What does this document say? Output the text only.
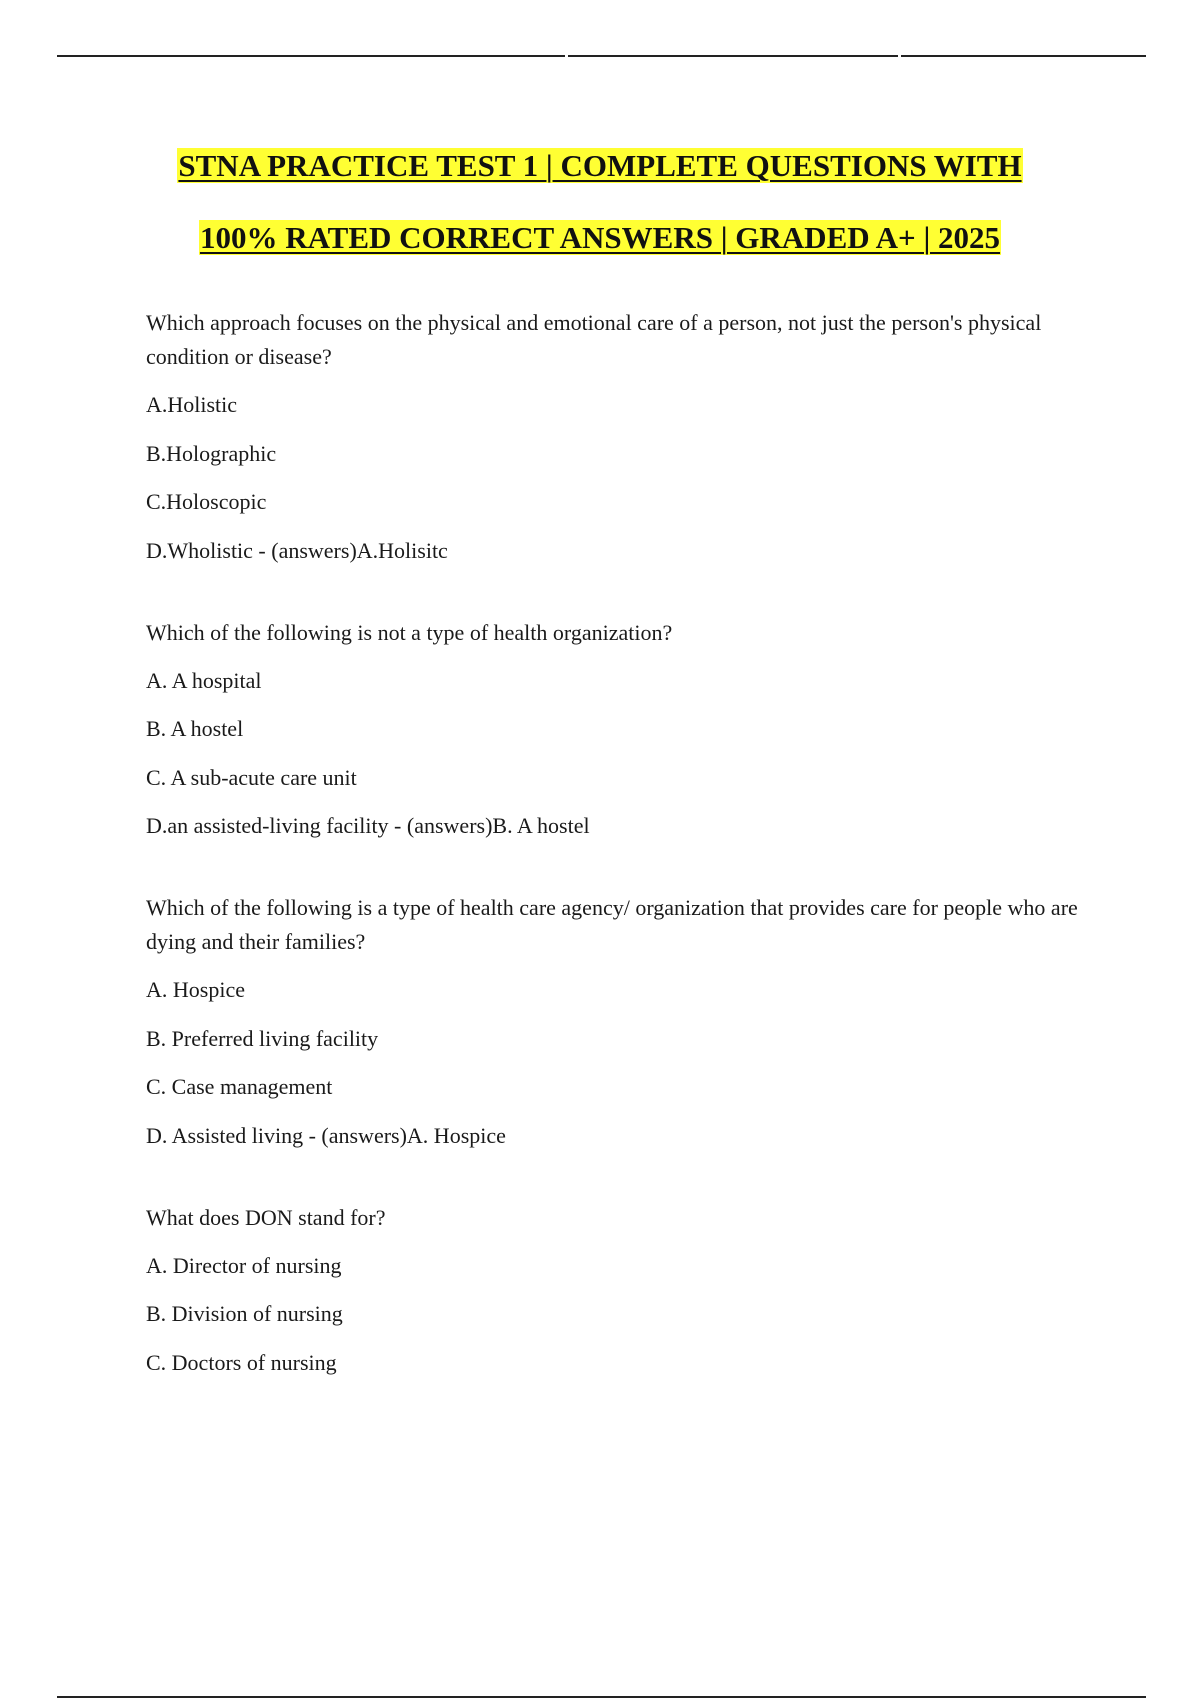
STNA PRACTICE TEST 1 | COMPLETE QUESTIONS WITH

100% RATED CORRECT ANSWERS | GRADED A+ | 2025

Which approach focuses on the physical and emotional care of a person, not just the person's physical condition or disease?

A.Holistic

B.Holographic

C.Holoscopic

D.Wholistic - (answers)A.Holisitc

Which of the following is not a type of health organization?

A. A hospital

B. A hostel

C. A sub-acute care unit

D.an assisted-living facility - (answers)B. A hostel

Which of the following is a type of health care agency/ organization that provides care for people who are dying and their families?

A. Hospice

B. Preferred living facility

C. Case management

D. Assisted living - (answers)A. Hospice

What does DON stand for?

A. Director of nursing

B. Division of nursing

C. Doctors of nursing
